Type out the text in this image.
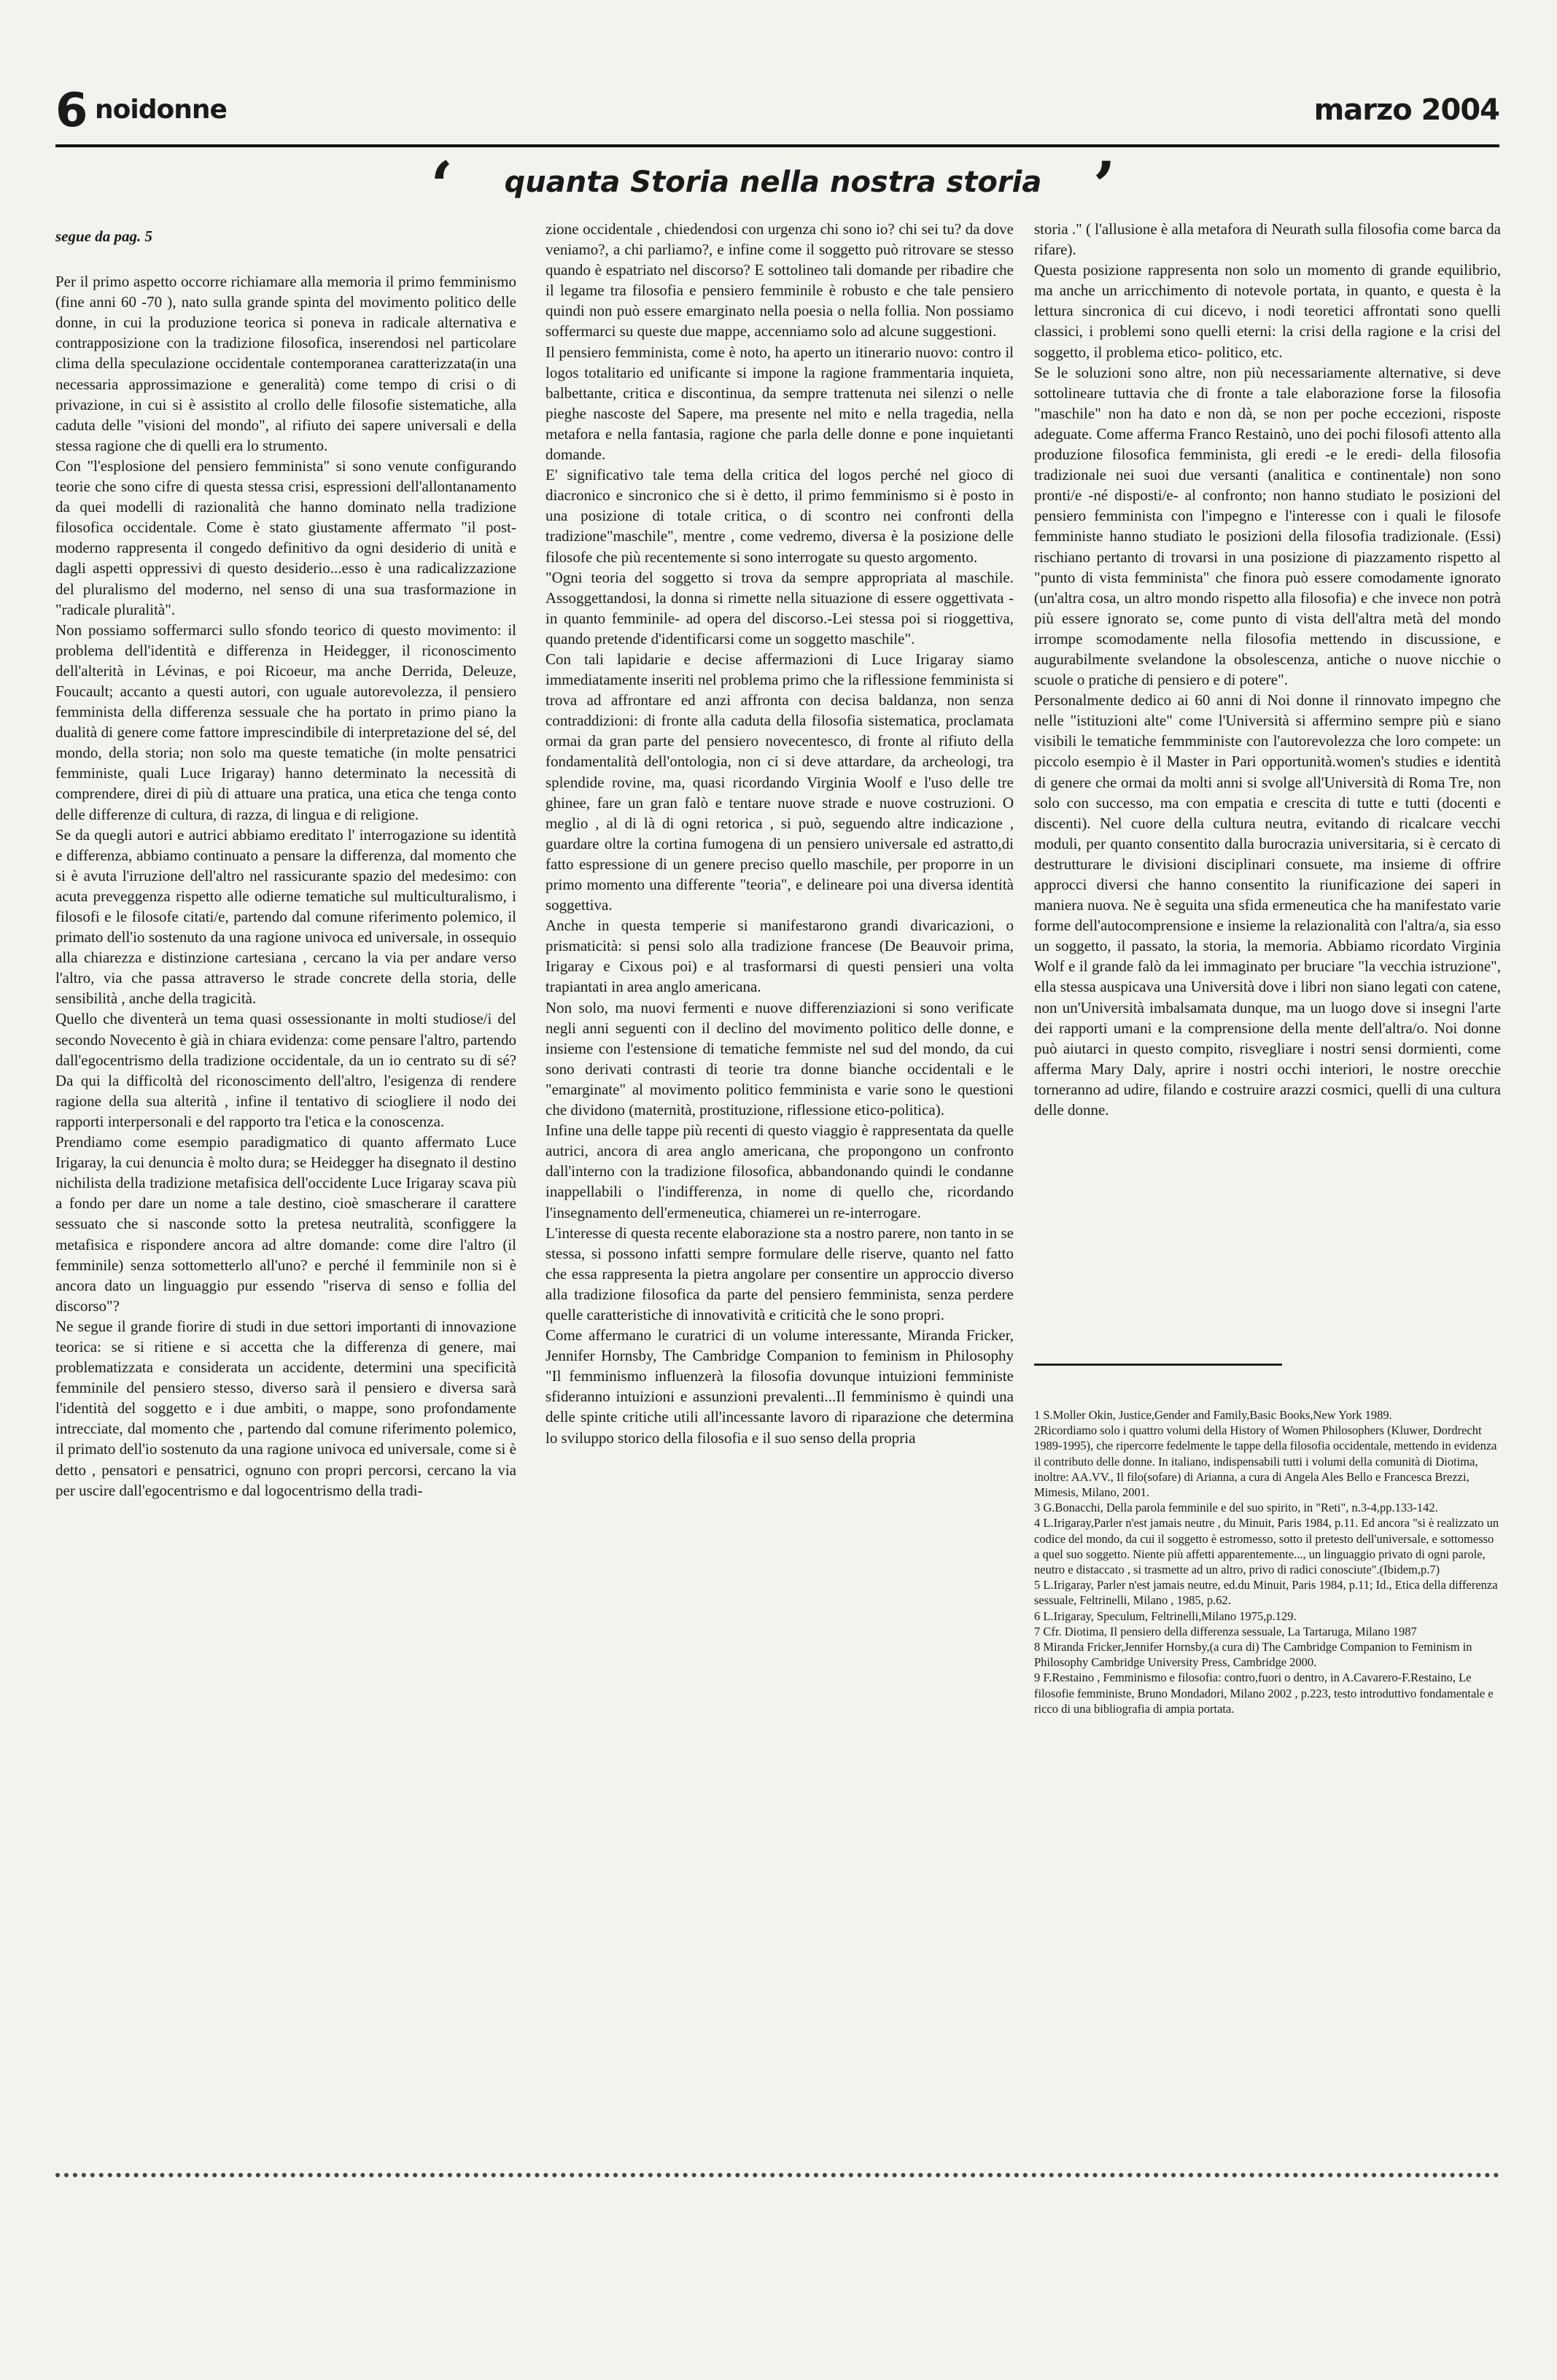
6 noidonne	marzo 2004
‘ quanta Storia nella nostra storia ’

segue da pag. 5

Per il primo aspetto occorre richiamare alla memoria il primo femminismo (fine anni 60 -70 ), nato sulla grande spinta del movimento politico delle donne, in cui la produzione teorica si poneva in radicale alternativa e contrapposizione con la tradizione filosofica, inserendosi nel particolare clima della speculazione occidentale contemporanea caratterizzata(in una necessaria approssimazione e generalità) come tempo di crisi o di privazione, in cui si è assistito al crollo delle filosofie sistematiche, alla caduta delle "visioni del mondo", al rifiuto dei sapere universali e della stessa ragione che di quelli era lo strumento.

Con "l'esplosione del pensiero femminista" si sono venute configurando teorie che sono cifre di questa stessa crisi, espressioni dell'allontanamento da quei modelli di razionalità che hanno dominato nella tradizione filosofica occidentale. Come è stato giustamente affermato "il post-moderno rappresenta il congedo definitivo da ogni desiderio di unità e dagli aspetti oppressivi di questo desiderio...esso è una radicalizzazione del pluralismo del moderno, nel senso di una sua trasformazione in "radicale pluralità".

Non possiamo soffermarci sullo sfondo teorico di questo movimento: il problema dell'identità e differenza in Heidegger, il riconoscimento dell'alterità in Lévinas, e poi Ricoeur, ma anche Derrida, Deleuze, Foucault; accanto a questi autori, con uguale autorevolezza, il pensiero femminista della differenza sessuale che ha portato in primo piano la dualità di genere come fattore imprescindibile di interpretazione del sé, del mondo, della storia; non solo ma queste tematiche (in molte pensatrici femministe, quali Luce Irigaray) hanno determinato la necessità di comprendere, direi di più di attuare una pratica, una etica che tenga conto delle differenze di cultura, di razza, di lingua e di religione.

Se da quegli autori e autrici abbiamo ereditato l' interrogazione su identità e differenza, abbiamo continuato a pensare la differenza, dal momento che si è avuta l'irruzione dell'altro nel rassicurante spazio del medesimo: con acuta preveggenza rispetto alle odierne tematiche sul multiculturalismo, i filosofi e le filosofe citati/e, partendo dal comune riferimento polemico, il primato dell'io sostenuto da una ragione univoca ed universale, in ossequio alla chiarezza e distinzione cartesiana , cercano la via per andare verso l'altro, via che passa attraverso le strade concrete della storia, delle sensibilità , anche della tragicità.

Quello che diventerà un tema quasi ossessionante in molti studiose/i del secondo Novecento è già in chiara evidenza: come pensare l'altro, partendo dall'egocentrismo della tradizione occidentale, da un io centrato su di sé? Da qui la difficoltà del riconoscimento dell'altro, l'esigenza di rendere ragione della sua alterità , infine il tentativo di sciogliere il nodo dei rapporti interpersonali e del rapporto tra l'etica e la conoscenza.

Prendiamo come esempio paradigmatico di quanto affermato Luce Irigaray, la cui denuncia è molto dura; se Heidegger ha disegnato il destino nichilista della tradizione metafisica dell'occidente Luce Irigaray scava più a fondo per dare un nome a tale destino, cioè smascherare il carattere sessuato che si nasconde sotto la pretesa neutralità, sconfiggere la metafisica e rispondere ancora ad altre domande: come dire l'altro (il femminile) senza sottometterlo all'uno? e perché il femminile non si è ancora dato un linguaggio pur essendo "riserva di senso e follia del discorso"?

Ne segue il grande fiorire di studi in due settori importanti di innovazione teorica: se si ritiene e si accetta che la differenza di genere, mai problematizzata e considerata un accidente, determini una specificità femminile del pensiero stesso, diverso sarà il pensiero e diversa sarà l'identità del soggetto e i due ambiti, o mappe, sono profondamente intrecciate, dal momento che , partendo dal comune riferimento polemico, il primato dell'io sostenuto da una ragione univoca ed universale, come si è detto , pensatori e pensatrici, ognuno con propri percorsi, cercano la via per uscire dall'egocentrismo e dal logocentrismo della tradi-

zione occidentale , chiedendosi con urgenza chi sono io? chi sei tu? da dove veniamo?, a chi parliamo?, e infine come il soggetto può ritrovare se stesso quando è espatriato nel discorso? E sottolineo tali domande per ribadire che il legame tra filosofia e pensiero femminile è robusto e che tale pensiero quindi non può essere emarginato nella poesia o nella follia. Non possiamo soffermarci su queste due mappe, accenniamo solo ad alcune suggestioni.

Il pensiero femminista, come è noto, ha aperto un itinerario nuovo: contro il logos totalitario ed unificante si impone la ragione frammentaria inquieta, balbettante, critica e discontinua, da sempre trattenuta nei silenzi o nelle pieghe nascoste del Sapere, ma presente nel mito e nella tragedia, nella metafora e nella fantasia, ragione che parla delle donne e pone inquietanti domande.

E' significativo tale tema della critica del logos perché nel gioco di diacronico e sincronico che si è detto, il primo femminismo si è posto in una posizione di totale critica, o di scontro nei confronti della tradizione"maschile", mentre , come vedremo, diversa è la posizione delle filosofe che più recentemente si sono interrogate su questo argomento.

"Ogni teoria del soggetto si trova da sempre appropriata al maschile. Assoggettandosi, la donna si rimette nella situazione di essere oggettivata -in quanto femminile- ad opera del discorso.-Lei stessa poi si rioggettiva, quando pretende d'identificarsi come un soggetto maschile".

Con tali lapidarie e decise affermazioni di Luce Irigaray siamo immediatamente inseriti nel problema primo che la riflessione femminista si trova ad affrontare ed anzi affronta con decisa baldanza, non senza contraddizioni: di fronte alla caduta della filosofia sistematica, proclamata ormai da gran parte del pensiero novecentesco, di fronte al rifiuto della fondamentalità dell'ontologia, non ci si deve attardare, da archeologi, tra splendide rovine, ma, quasi ricordando Virginia Woolf e l'uso delle tre ghinee, fare un gran falò e tentare nuove strade e nuove costruzioni. O meglio , al di là di ogni retorica , si può, seguendo altre indicazione , guardare oltre la cortina fumogena di un pensiero universale ed astratto,di fatto espressione di un genere preciso quello maschile, per proporre in un primo momento una differente "teoria", e delineare poi una diversa identità soggettiva.

Anche in questa temperie si manifestarono grandi divaricazioni, o prismaticità: si pensi solo alla tradizione francese (De Beauvoir prima, Irigaray e Cixous poi) e al trasformarsi di questi pensieri una volta trapiantati in area anglo americana.

Non solo, ma nuovi fermenti e nuove differenziazioni si sono verificate negli anni seguenti con il declino del movimento politico delle donne, e insieme con l'estensione di tematiche femmiste nel sud del mondo, da cui sono derivati contrasti di teorie tra donne bianche occidentali e le "emarginate" al movimento politico femminista e varie sono le questioni che dividono (maternità, prostituzione, riflessione etico-politica).

Infine una delle tappe più recenti di questo viaggio è rappresentata da quelle autrici, ancora di area anglo americana, che propongono un confronto dall'interno con la tradizione filosofica, abbandonando quindi le condanne inappellabili o l'indifferenza, in nome di quello che, ricordando l'insegnamento dell'ermeneutica, chiamerei un re-interrogare.

L'interesse di questa recente elaborazione sta a nostro parere, non tanto in se stessa, si possono infatti sempre formulare delle riserve, quanto nel fatto che essa rappresenta la pietra angolare per consentire un approccio diverso alla tradizione filosofica da parte del pensiero femminista, senza perdere quelle caratteristiche di innovatività e criticità che le sono propri.

Come affermano le curatrici di un volume interessante, Miranda Fricker, Jennifer Hornsby, The Cambridge Companion to feminism in Philosophy "Il femminismo influenzerà la filosofia dovunque intuizioni femministe sfideranno intuizioni e assunzioni prevalenti...Il femminismo è quindi una delle spinte critiche utili all'incessante lavoro di riparazione che determina lo sviluppo storico della filosofia e il suo senso della propria

storia ." ( l'allusione è alla metafora di Neurath sulla filosofia come barca da rifare).

Questa posizione rappresenta non solo un momento di grande equilibrio, ma anche un arricchimento di notevole portata, in quanto, e questa è la lettura sincronica di cui dicevo, i nodi teoretici affrontati sono quelli classici, i problemi sono quelli eterni: la crisi della ragione e la crisi del soggetto, il problema etico- politico, etc.

Se le soluzioni sono altre, non più necessariamente alternative, si deve sottolineare tuttavia che di fronte a tale elaborazione forse la filosofia "maschile" non ha dato e non dà, se non per poche eccezioni, risposte adeguate. Come afferma Franco Restainò, uno dei pochi filosofi attento alla produzione filosofica femminista, gli eredi -e le eredi- della filosofia tradizionale nei suoi due versanti (analitica e continentale) non sono pronti/e -né disposti/e- al confronto; non hanno studiato le posizioni del pensiero femminista con l'impegno e l'interesse con i quali le filosofe femministe hanno studiato le posizioni della filosofia tradizionale. (Essi) rischiano pertanto di trovarsi in una posizione di piazzamento rispetto al "punto di vista femminista" che finora può essere comodamente ignorato (un'altra cosa, un altro mondo rispetto alla filosofia) e che invece non potrà più essere ignorato se, come punto di vista dell'altra metà del mondo irrompe scomodamente nella filosofia mettendo in discussione, e augurabilmente svelandone la obsolescenza, antiche o nuove nicchie o scuole o pratiche di pensiero e di potere".

Personalmente dedico ai 60 anni di Noi donne il rinnovato impegno che nelle "istituzioni alte" come l'Università si affermino sempre più e siano visibili le tematiche femmministe con l'autorevolezza che loro compete: un piccolo esempio è il Master in Pari opportunità.women's studies e identità di genere che ormai da molti anni si svolge all'Università di Roma Tre, non solo con successo, ma con empatia e crescita di tutte e tutti (docenti e discenti). Nel cuore della cultura neutra, evitando di ricalcare vecchi moduli, per quanto consentito dalla burocrazia universitaria, si è cercato di destrutturare le divisioni disciplinari consuete, ma insieme di offrire approcci diversi che hanno consentito la riunificazione dei saperi in maniera nuova. Ne è seguita una sfida ermeneutica che ha manifestato varie forme dell'autocomprensione e insieme la relazionalità con l'altra/a, sia esso un soggetto, il passato, la storia, la memoria. Abbiamo ricordato Virginia Wolf e il grande falò da lei immaginato per bruciare "la vecchia istruzione", ella stessa auspicava una Università dove i libri non siano legati con catene, non un'Università imbalsamata dunque, ma un luogo dove si insegni l'arte dei rapporti umani e la comprensione della mente dell'altra/o. Noi donne può aiutarci in questo compito, risvegliare i nostri sensi dormienti, come afferma Mary Daly, aprire i nostri occhi interiori, le nostre orecchie torneranno ad udire, filando e costruire arazzi cosmici, quelli di una cultura delle donne.

1 S.Moller Okin, Justice,Gender and Family,Basic Books,New York 1989.

2Ricordiamo solo i quattro volumi della History of Women Philosophers (Kluwer, Dordrecht 1989-1995), che ripercorre fedelmente le tappe della filosofia occidentale, mettendo in evidenza il contributo delle donne. In italiano, indispensabili tutti i volumi della comunità di Diotima, inoltre: AA.VV., Il filo(sofare) di Arianna, a cura di Angela Ales Bello e Francesca Brezzi, Mimesis, Milano, 2001.

3 G.Bonacchi, Della parola femminile e del suo spirito, in "Reti", n.3-4,pp.133-142.

4 L.Irigaray,Parler n'est jamais neutre , du Minuit, Paris 1984, p.11. Ed ancora "si è realizzato un codice del mondo, da cui il soggetto è estromesso, sotto il pretesto dell'universale, e sottomesso a quel suo soggetto. Niente più affetti apparentemente..., un linguaggio privato di ogni parole, neutro e distaccato , si trasmette ad un altro, privo di radici conosciute".(Ibidem,p.7)

5 L.Irigaray, Parler n'est jamais neutre, ed.du Minuit, Paris 1984, p.11; Id., Etica della differenza sessuale, Feltrinelli, Milano , 1985, p.62.

6 L.Irigaray, Speculum, Feltrinelli,Milano 1975,p.129.

7 Cfr. Diotima, Il pensiero della differenza sessuale, La Tartaruga, Milano 1987

8 Miranda Fricker,Jennifer Hornsby,(a cura di) The Cambridge Companion to Feminism in Philosophy Cambridge University Press, Cambridge 2000.

9 F.Restaino , Femminismo e filosofia: contro,fuori o dentro, in A.Cavarero-F.Restaino, Le filosofie femministe, Bruno Mondadori, Milano 2002 , p.223, testo introduttivo fondamentale e ricco di una bibliografia di ampia portata.
